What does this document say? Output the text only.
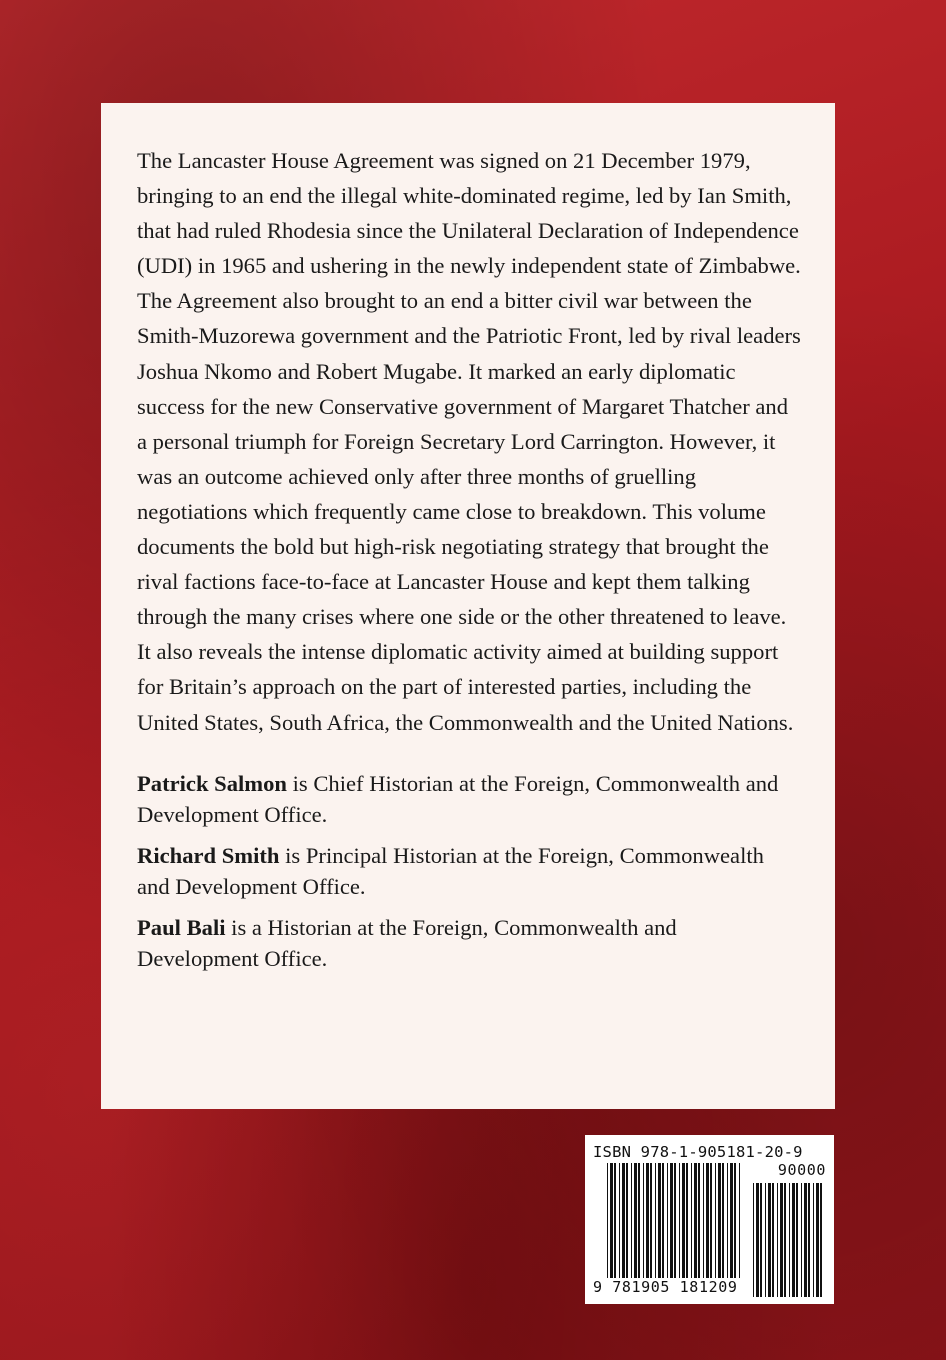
The Lancaster House Agreement was signed on 21 December 1979, bringing to an end the illegal white-dominated regime, led by Ian Smith, that had ruled Rhodesia since the Unilateral Declaration of Independence (UDI) in 1965 and ushering in the newly independent state of Zimbabwe. The Agreement also brought to an end a bitter civil war between the Smith-Muzorewa government and the Patriotic Front, led by rival leaders Joshua Nkomo and Robert Mugabe. It marked an early diplomatic success for the new Conservative government of Margaret Thatcher and a personal triumph for Foreign Secretary Lord Carrington. However, it was an outcome achieved only after three months of gruelling negotiations which frequently came close to breakdown. This volume documents the bold but high-risk negotiating strategy that brought the rival factions face-to-face at Lancaster House and kept them talking through the many crises where one side or the other threatened to leave. It also reveals the intense diplomatic activity aimed at building support for Britain’s approach on the part of interested parties, including the United States, South Africa, the Commonwealth and the United Nations.

Patrick Salmon is Chief Historian at the Foreign, Commonwealth and Development Office.

Richard Smith is Principal Historian at the Foreign, Commonwealth and Development Office.

Paul Bali is a Historian at the Foreign, Commonwealth and Development Office.

ISBN 978-1-905181-20-9
90000
9 781905 181209
